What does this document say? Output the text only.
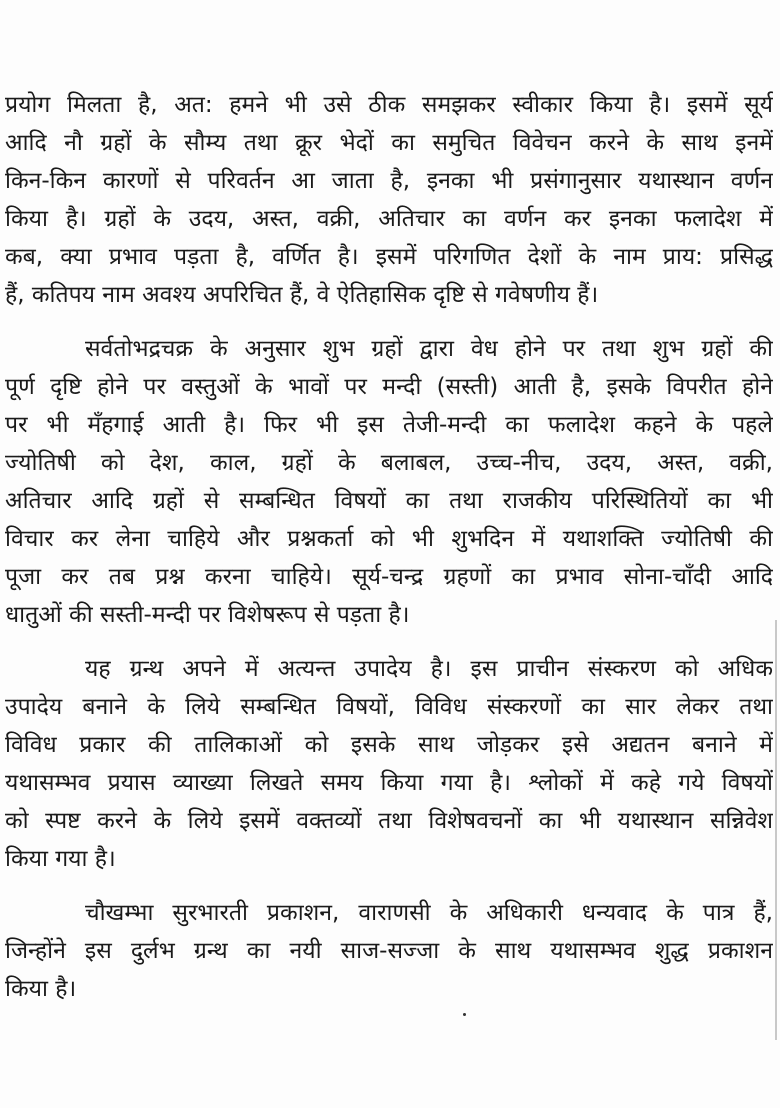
प्रयोग मिलता है, अत: हमने भी उसे ठीक समझकर स्वीकार किया है। इसमें सूर्य
आदि नौ ग्रहों के सौम्य तथा क्रूर भेदों का समुचित विवेचन करने के साथ इनमें
किन-किन कारणों से परिवर्तन आ जाता है, इनका भी प्रसंगानुसार यथास्थान वर्णन
किया है। ग्रहों के उदय, अस्त, वक्री, अतिचार का वर्णन कर इनका फलादेश में
कब, क्या प्रभाव पड़ता है, वर्णित है। इसमें परिगणित देशों के नाम प्राय: प्रसिद्ध
हैं, कतिपय नाम अवश्य अपरिचित हैं, वे ऐतिहासिक दृष्टि से गवेषणीय हैं।
सर्वतोभद्रचक्र के अनुसार शुभ ग्रहों द्वारा वेध होने पर तथा शुभ ग्रहों की
पूर्ण दृष्टि होने पर वस्तुओं के भावों पर मन्दी (सस्ती) आती है, इसके विपरीत होने
पर भी मँहगाई आती है। फिर भी इस तेजी-मन्दी का फलादेश कहने के पहले
ज्योतिषी को देश, काल, ग्रहों के बलाबल, उच्च-नीच, उदय, अस्त, वक्री,
अतिचार आदि ग्रहों से सम्बन्धित विषयों का तथा राजकीय परिस्थितियों का भी
विचार कर लेना चाहिये और प्रश्नकर्ता को भी शुभदिन में यथाशक्ति ज्योतिषी की
पूजा कर तब प्रश्न करना चाहिये। सूर्य-चन्द्र ग्रहणों का प्रभाव सोना-चाँदी आदि
धातुओं की सस्ती-मन्दी पर विशेषरूप से पड़ता है।
यह ग्रन्थ अपने में अत्यन्त उपादेय है। इस प्राचीन संस्करण को अधिक
उपादेय बनाने के लिये सम्बन्धित विषयों, विविध संस्करणों का सार लेकर तथा
विविध प्रकार की तालिकाओं को इसके साथ जोड़कर इसे अद्यतन बनाने में
यथासम्भव प्रयास व्याख्या लिखते समय किया गया है। श्लोकों में कहे गये विषयों
को स्पष्ट करने के लिये इसमें वक्तव्यों तथा विशेषवचनों का भी यथास्थान सन्निवेश
किया गया है।
चौखम्भा सुरभारती प्रकाशन, वाराणसी के अधिकारी धन्यवाद के पात्र हैं,
जिन्होंने इस दुर्लभ ग्रन्थ का नयी साज-सज्जा के साथ यथासम्भव शुद्ध प्रकाशन
किया है।
